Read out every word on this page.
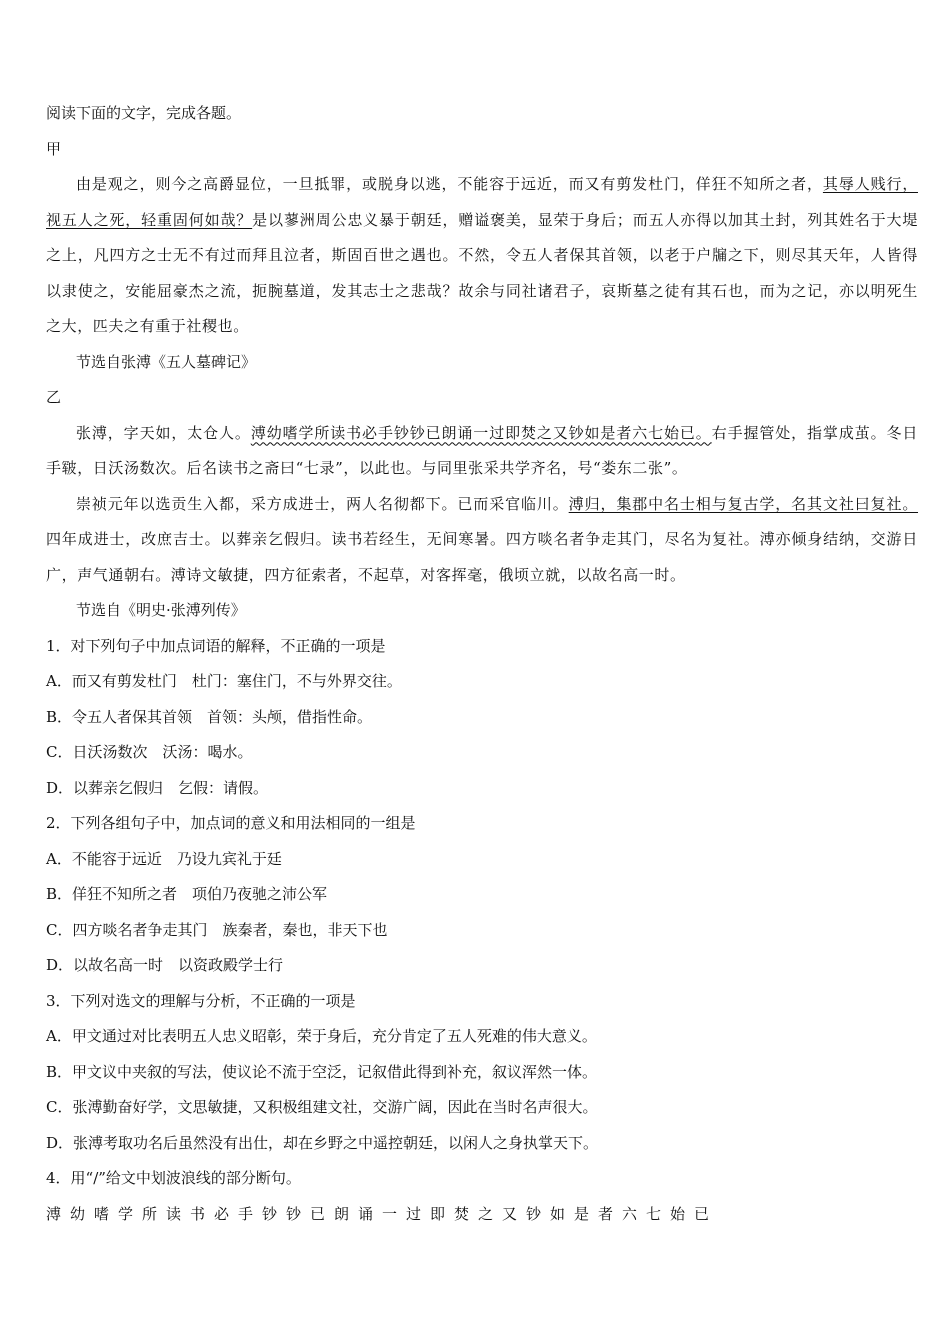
阅读下面的文字，完成各题。
甲
由是观之，则今之高爵显位，一旦抵罪，或脱身以逃，不能容于远近，而又有剪发杜门，佯狂不知所之者，其辱人贱行，视五人之死，轻重固何如哉？是以蓼洲周公忠义暴于朝廷，赠谥褒美，显荣于身后；而五人亦得以加其土封，列其姓名于大堤之上，凡四方之士无不有过而拜且泣者，斯固百世之遇也。不然，令五人者保其首领，以老于户牖之下，则尽其天年，人皆得以隶使之，安能屈豪杰之流，扼腕墓道，发其志士之悲哉？故余与同社诸君子，哀斯墓之徒有其石也，而为之记，亦以明死生之大，匹夫之有重于社稷也。
节选自张溥《五人墓碑记》
乙
张溥，字天如，太仓人。溥幼嗜学所读书必手钞钞已朗诵一过即焚之又钞如是者六七始已。右手握管处，指掌成茧。冬日手皲，日沃汤数次。后名读书之斋曰“七录”，以此也。与同里张采共学齐名，号“娄东二张”。
崇祯元年以选贡生入都，采方成进士，两人名彻都下。已而采官临川。溥归，集郡中名士相与复古学，名其文社曰复社。四年成进士，改庶吉士。以葬亲乞假归。读书若经生，无间寒暑。四方啖名者争走其门，尽名为复社。溥亦倾身结纳，交游日广，声气通朝右。溥诗文敏捷，四方征索者，不起草，对客挥毫，俄顷立就，以故名高一时。
节选自《明史·张溥列传》
1．对下列句子中加点词语的解释，不正确的一项是
A．而又有剪发杜门　杜门：塞住门，不与外界交往。
B．令五人者保其首领　首领：头颅，借指性命。
C．日沃汤数次　沃汤：喝水。
D．以葬亲乞假归　乞假：请假。
2．下列各组句子中，加点词的意义和用法相同的一组是
A．不能容于远近　乃设九宾礼于廷
B．佯狂不知所之者　项伯乃夜驰之沛公军
C．四方啖名者争走其门　族秦者，秦也，非天下也
D．以故名高一时　以资政殿学士行
3．下列对选文的理解与分析，不正确的一项是
A．甲文通过对比表明五人忠义昭彰，荣于身后，充分肯定了五人死难的伟大意义。
B．甲文议中夹叙的写法，使议论不流于空泛，记叙借此得到补充，叙议浑然一体。
C．张溥勤奋好学，文思敏捷，又积极组建文社，交游广阔，因此在当时名声很大。
D．张溥考取功名后虽然没有出仕，却在乡野之中遥控朝廷，以闲人之身执掌天下。
4．用“/”给文中划波浪线的部分断句。
溥幼嗜学所读书必手钞钞已朗诵一过即焚之又钞如是者六七始已
